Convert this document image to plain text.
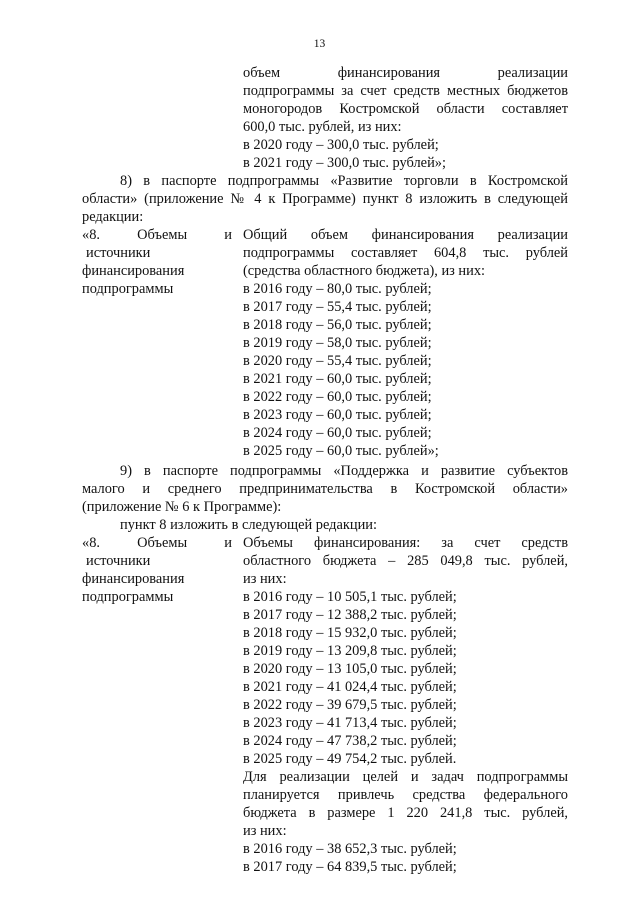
13
объем финансирования реализации
подпрограммы за счет средств местных бюджетов
моногородов Костромской области составляет
600,0 тыс. рублей, из них:
в 2020 году – 300,0 тыс. рублей;
в 2021 году – 300,0 тыс. рублей»;
8) в паспорте подпрограммы «Развитие торговли в Костромской
области» (приложение № 4 к Программе) пункт 8 изложить в следующей
редакции:
«8. Объемы и
источники
финансирования
подпрограммы
Общий объем финансирования реализации
подпрограммы составляет 604,8 тыс. рублей
(средства областного бюджета), из них:
в 2016 году – 80,0 тыс. рублей;
в 2017 году – 55,4 тыс. рублей;
в 2018 году – 56,0 тыс. рублей;
в 2019 году – 58,0 тыс. рублей;
в 2020 году – 55,4 тыс. рублей;
в 2021 году – 60,0 тыс. рублей;
в 2022 году – 60,0 тыс. рублей;
в 2023 году – 60,0 тыс. рублей;
в 2024 году – 60,0 тыс. рублей;
в 2025 году – 60,0 тыс. рублей»;
9) в паспорте подпрограммы «Поддержка и развитие субъектов
малого и среднего предпринимательства в Костромской области»
(приложение № 6 к Программе):
пункт 8 изложить в следующей редакции:
«8. Объемы и
источники
финансирования
подпрограммы
Объемы финансирования: за счет средств
областного бюджета – 285 049,8 тыс. рублей,
из них:
в 2016 году – 10 505,1 тыс. рублей;
в 2017 году – 12 388,2 тыс. рублей;
в 2018 году – 15 932,0 тыс. рублей;
в 2019 году – 13 209,8 тыс. рублей;
в 2020 году – 13 105,0 тыс. рублей;
в 2021 году – 41 024,4 тыс. рублей;
в 2022 году – 39 679,5 тыс. рублей;
в 2023 году – 41 713,4 тыс. рублей;
в 2024 году – 47 738,2 тыс. рублей;
в 2025 году – 49 754,2 тыс. рублей.
Для реализации целей и задач подпрограммы
планируется привлечь средства федерального
бюджета в размере 1 220 241,8 тыс. рублей,
из них:
в 2016 году – 38 652,3 тыс. рублей;
в 2017 году – 64 839,5 тыс. рублей;
